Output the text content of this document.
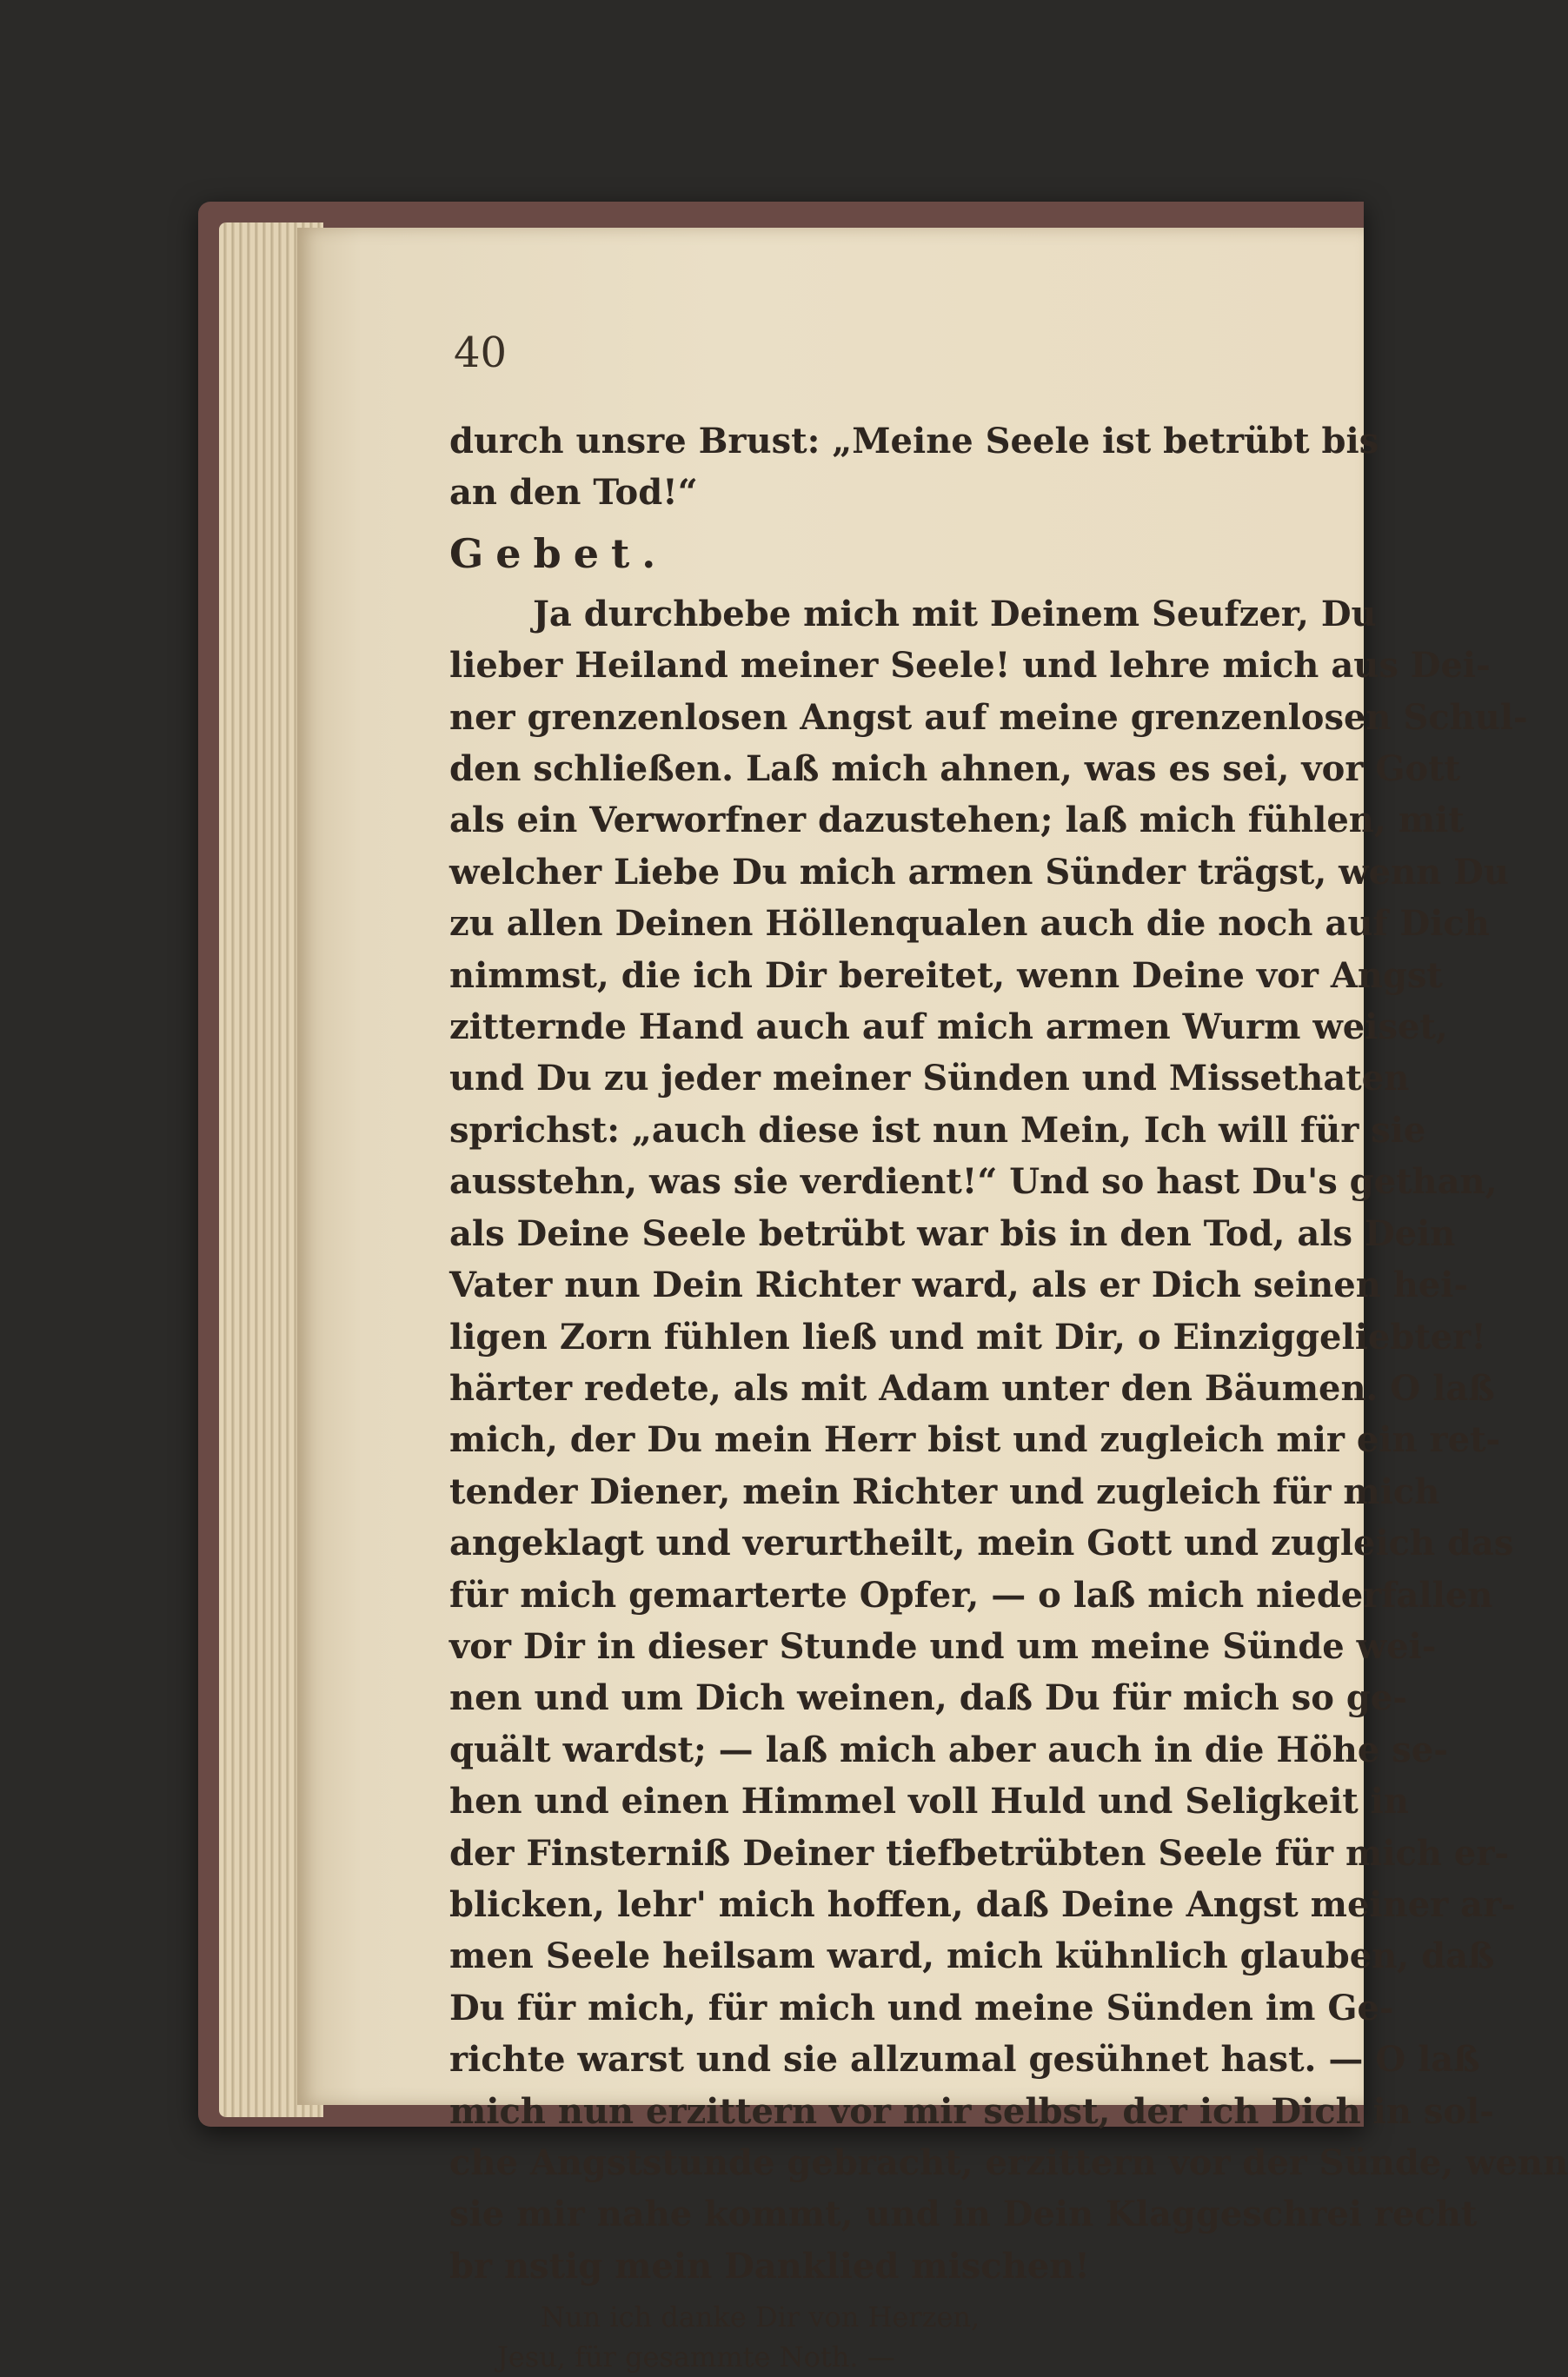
40

durch unsre Brust: „Meine Seele ist betrübt bis
an den Tod!“

Gebet.

Ja durchbebe mich mit Deinem Seufzer, Du
lieber Heiland meiner Seele! und lehre mich aus Dei-
ner grenzenlosen Angst auf meine grenzenlosen Schul-
den schließen. Laß mich ahnen, was es sei, vor Gott
als ein Verworfner dazustehen; laß mich fühlen, mit
welcher Liebe Du mich armen Sünder trägst, wenn Du
zu allen Deinen Höllenqualen auch die noch auf Dich
nimmst, die ich Dir bereitet, wenn Deine vor Angst
zitternde Hand auch auf mich armen Wurm weiset,
und Du zu jeder meiner Sünden und Missethaten
sprichst: „auch diese ist nun Mein, Ich will für sie
ausstehn, was sie verdient!“ Und so hast Du's gethan,
als Deine Seele betrübt war bis in den Tod, als Dein
Vater nun Dein Richter ward, als er Dich seinen hei-
ligen Zorn fühlen ließ und mit Dir, o Einziggeliebter!
härter redete, als mit Adam unter den Bäumen. O laß
mich, der Du mein Herr bist und zugleich mir ein ret-
tender Diener, mein Richter und zugleich für mich
angeklagt und verurtheilt, mein Gott und zugleich das
für mich gemarterte Opfer, — o laß mich niederfallen
vor Dir in dieser Stunde und um meine Sünde wei-
nen und um Dich weinen, daß Du für mich so ge-
quält wardst; — laß mich aber auch in die Höhe se-
hen und einen Himmel voll Huld und Seligkeit in
der Finsterniß Deiner tiefbetrübten Seele für mich er-
blicken, lehr' mich hoffen, daß Deine Angst meiner ar-
men Seele heilsam ward, mich kühnlich glauben, daß
Du für mich, für mich und meine Sünden im Ge-
richte warst und sie allzumal gesühnet hast. — O laß
mich nun erzittern vor mir selbst, der ich Dich in sol-
che Angststunde gebracht, erzittern vor der Sünde, wenn
sie mir nahe kommt, und in Dein Klaggeschrei recht
br nstig mein Danklied mischen!
Nun ich danke Dir von Herzen,
Jesu, für gesammte Noth. —
